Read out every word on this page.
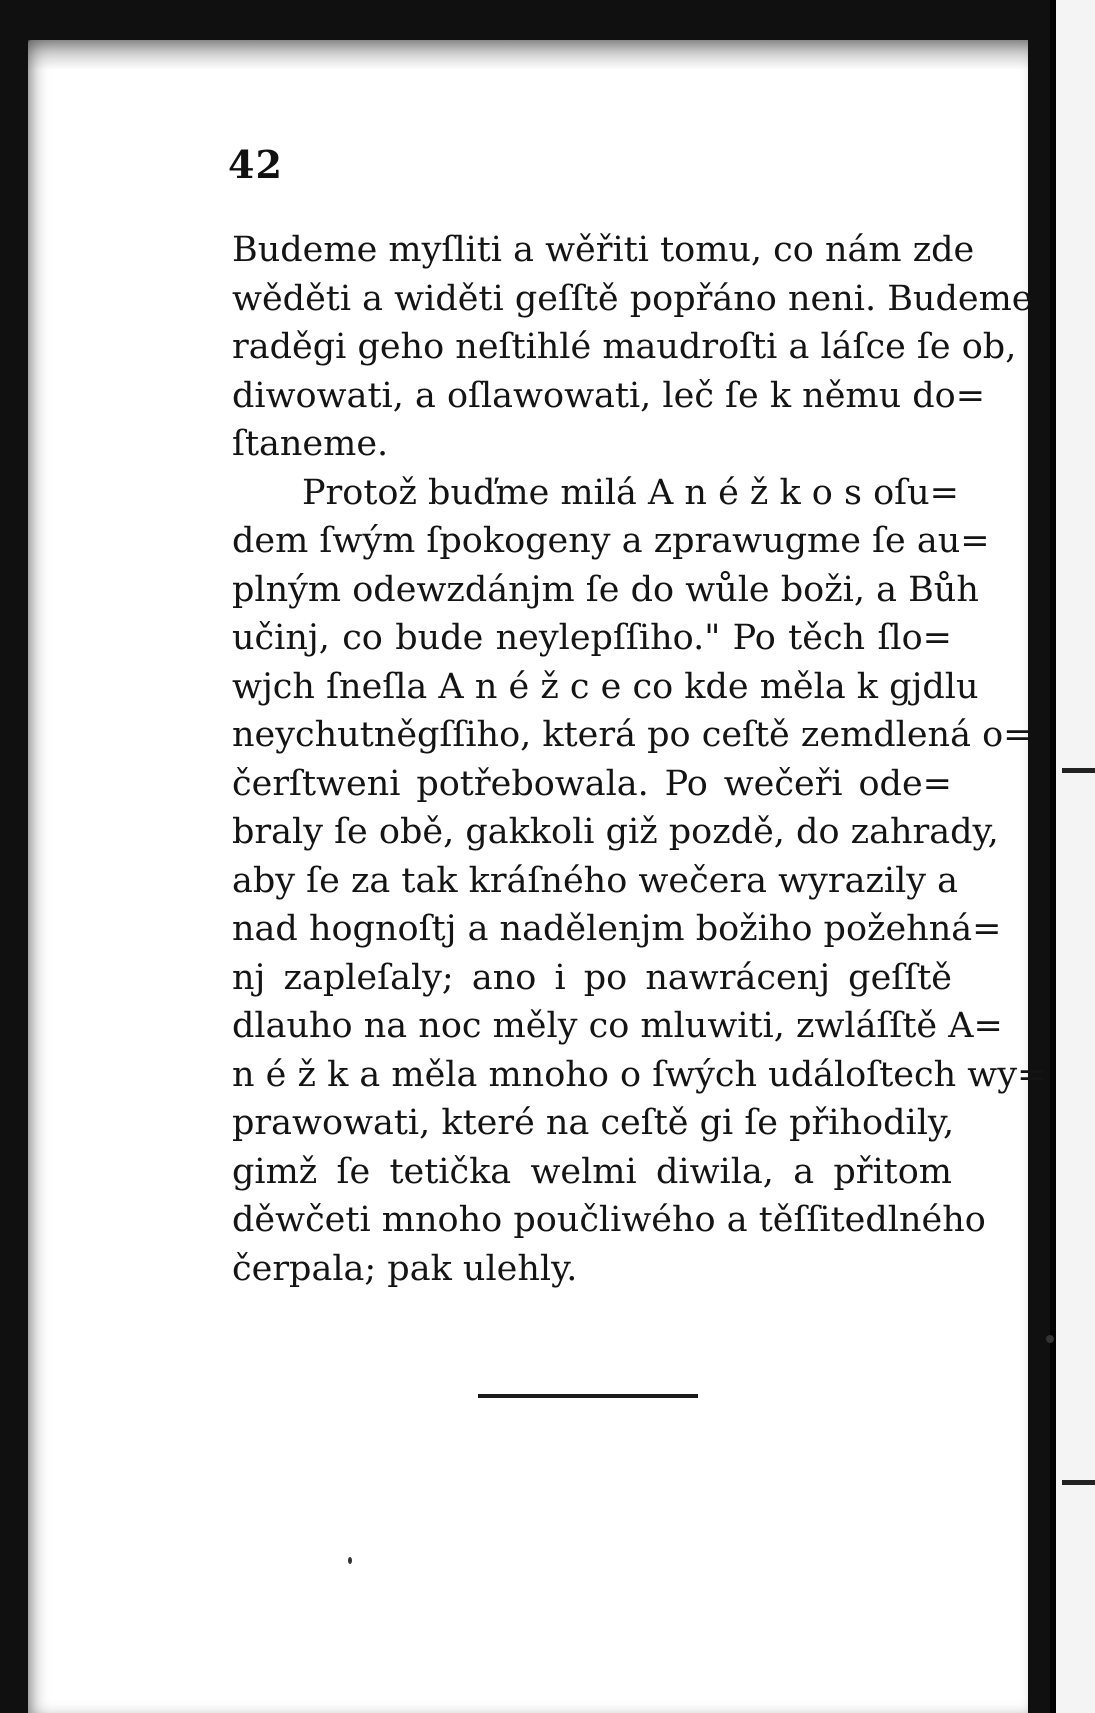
42
Budeme myſliti a wěřiti tomu, co nám zde
wěděti a widěti geſſtě popřáno neni. Budeme
raděgi geho neſtihlé maudroſti a láſce ſe ob,
diwowati, a oſlawowati, leč ſe k němu do=
ſtaneme.
Protož buďme milá A n é ž k o s oſu=
dem ſwým ſpokogeny a zprawugme ſe au=
plným odewzdánjm ſe do wůle boži, a Bůh
učinj, co bude neylepſſiho." Po těch ſlo=
wjch ſneſla A n é ž c e co kde měla k gjdlu
neychutněgſſiho, která po ceſtě zemdlená o=
čerſtweni potřebowala. Po wečeři ode=
braly ſe obě, gakkoli giž pozdě, do zahrady,
aby ſe za tak kráſného wečera wyrazily a
nad hognoſtj a nadělenjm božiho požehná=
nj zapleſaly; ano i po nawrácenj geſſtě
dlauho na noc měly co mluwiti, zwláſſtě A=
n é ž k a měla mnoho o ſwých událoſtech wy=
prawowati, které na ceſtě gi ſe přihodily,
gimž ſe tetička welmi diwila, a přitom
děwčeti mnoho poučliwého a těſſitedlného
čerpala; pak ulehly.
